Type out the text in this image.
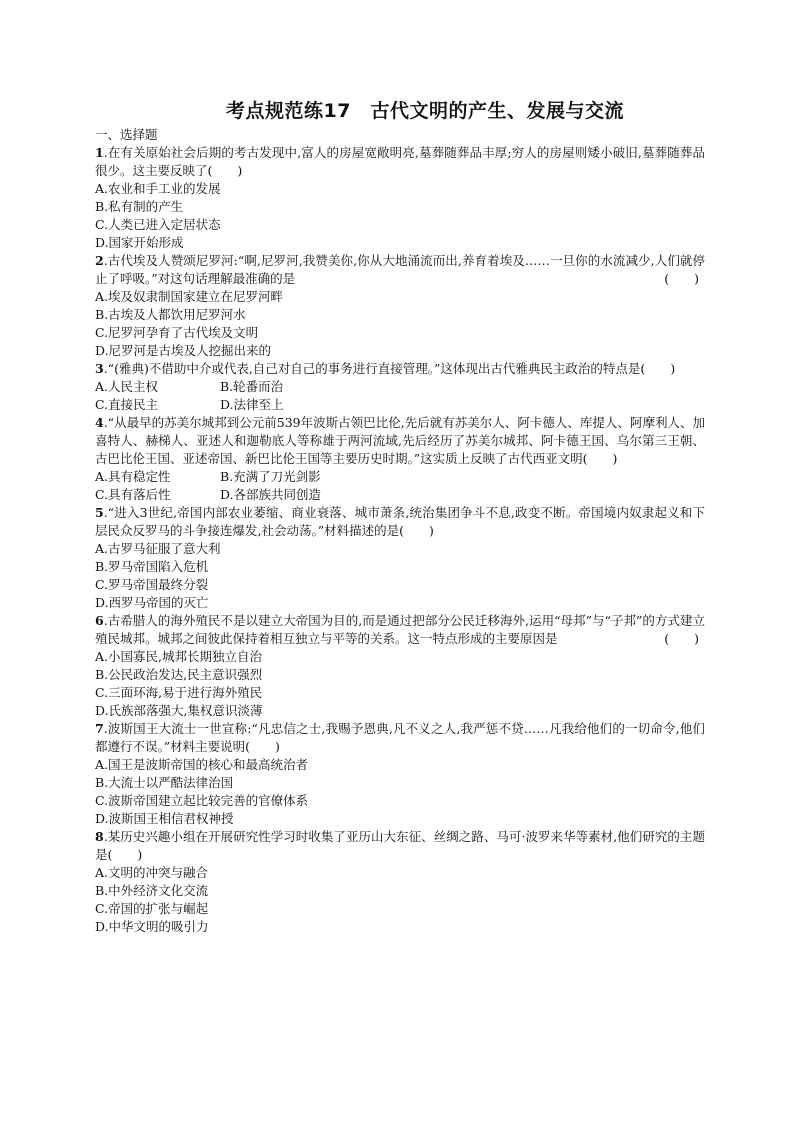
考点规范练17　古代文明的产生、发展与交流
一、选择题
1.在有关原始社会后期的考古发现中,富人的房屋宽敞明亮,墓葬随葬品丰厚;穷人的房屋则矮小破旧,墓葬随葬品很少。这主要反映了(　　)
A.农业和手工业的发展
B.私有制的产生
C.人类已进入定居状态
D.国家开始形成
2.古代埃及人赞颂尼罗河:“啊,尼罗河,我赞美你,你从大地涌流而出,养育着埃及……一旦你的水流减少,人们就停止了呼吸。”对这句话理解最准确的是	(　　)
A.埃及奴隶制国家建立在尼罗河畔
B.古埃及人都饮用尼罗河水
C.尼罗河孕育了古代埃及文明
D.尼罗河是古埃及人挖掘出来的
3.“(雅典)不借助中介或代表,自己对自己的事务进行直接管理。”这体现出古代雅典民主政治的特点是(　　)
A.人民主权	B.轮番而治
C.直接民主	D.法律至上
4.“从最早的苏美尔城邦到公元前539年波斯占领巴比伦,先后就有苏美尔人、阿卡德人、库提人、阿摩利人、加喜特人、赫梯人、亚述人和迦勒底人等称雄于两河流域,先后经历了苏美尔城邦、阿卡德王国、乌尔第三王朝、古巴比伦王国、亚述帝国、新巴比伦王国等主要历史时期。”这实质上反映了古代西亚文明(　　)
A.具有稳定性	B.充满了刀光剑影
C.具有落后性	D.各部族共同创造
5.“进入3世纪,帝国内部农业萎缩、商业衰落、城市萧条,统治集团争斗不息,政变不断。帝国境内奴隶起义和下层民众反罗马的斗争接连爆发,社会动荡。”材料描述的是(　　)
A.古罗马征服了意大利
B.罗马帝国陷入危机
C.罗马帝国最终分裂
D.西罗马帝国的灭亡
6.古希腊人的海外殖民不是以建立大帝国为目的,而是通过把部分公民迁移海外,运用“母邦”与“子邦”的方式建立殖民城邦。城邦之间彼此保持着相互独立与平等的关系。这一特点形成的主要原因是	(　　)
A.小国寡民,城邦长期独立自治
B.公民政治发达,民主意识强烈
C.三面环海,易于进行海外殖民
D.氏族部落强大,集权意识淡薄
7.波斯国王大流士一世宣称:“凡忠信之士,我赐予恩典,凡不义之人,我严惩不贷……凡我给他们的一切命令,他们都遵行不误。”材料主要说明(　　)
A.国王是波斯帝国的核心和最高统治者
B.大流士以严酷法律治国
C.波斯帝国建立起比较完善的官僚体系
D.波斯国王相信君权神授
8.某历史兴趣小组在开展研究性学习时收集了亚历山大东征、丝绸之路、马可·波罗来华等素材,他们研究的主题是(　　)
A.文明的冲突与融合
B.中外经济文化交流
C.帝国的扩张与崛起
D.中华文明的吸引力
